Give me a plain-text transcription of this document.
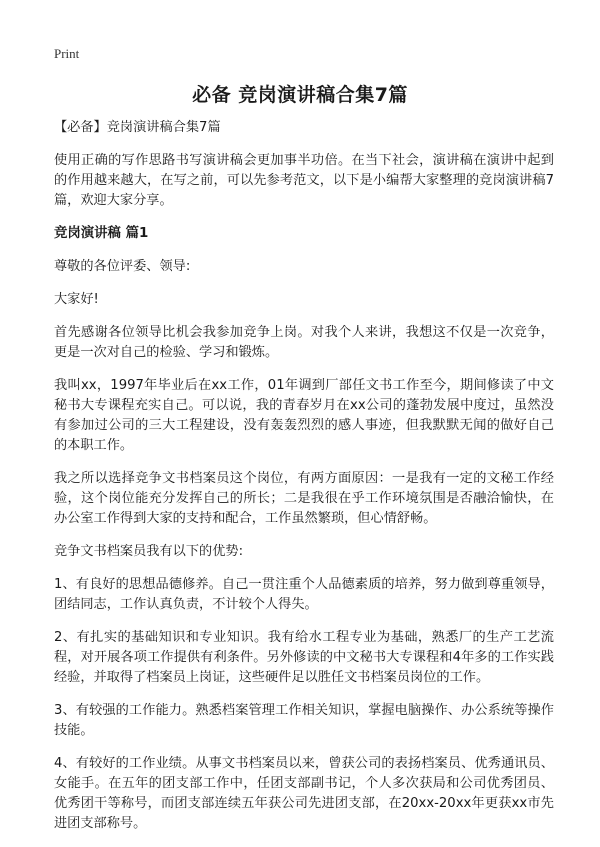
Print
必备 竞岗演讲稿合集7篇

【必备】竞岗演讲稿合集7篇

使用正确的写作思路书写演讲稿会更加事半功倍。在当下社会，演讲稿在演讲中起到的作用越来越大，在写之前，可以先参考范文，以下是小编帮大家整理的竞岗演讲稿7篇，欢迎大家分享。

竞岗演讲稿 篇1

尊敬的各位评委、领导:

大家好!

首先感谢各位领导比机会我参加竞争上岗。对我个人来讲，我想这不仅是一次竞争，更是一次对自己的检验、学习和锻炼。

我叫xx，1997年毕业后在xx工作，01年调到厂部任文书工作至今，期间修读了中文秘书大专课程充实自己。可以说，我的青春岁月在xx公司的蓬勃发展中度过，虽然没有参加过公司的三大工程建设，没有轰轰烈烈的感人事迹，但我默默无闻的做好自己的本职工作。

我之所以选择竞争文书档案员这个岗位，有两方面原因：一是我有一定的文秘工作经验，这个岗位能充分发挥自己的所长；二是我很在乎工作环境氛围是否融洽愉快，在办公室工作得到大家的支持和配合，工作虽然繁琐，但心情舒畅。

竞争文书档案员我有以下的优势:

1、有良好的思想品德修养。自己一贯注重个人品德素质的培养，努力做到尊重领导，团结同志，工作认真负责，不计较个人得失。

2、有扎实的基础知识和专业知识。我有给水工程专业为基础，熟悉厂的生产工艺流程，对开展各项工作提供有利条件。另外修读的中文秘书大专课程和4年多的工作实践经验，并取得了档案员上岗证，这些硬件足以胜任文书档案员岗位的工作。

3、有较强的工作能力。熟悉档案管理工作相关知识，掌握电脑操作、办公系统等操作技能。

4、有较好的工作业绩。从事文书档案员以来，曾获公司的表扬档案员、优秀通讯员、女能手。在五年的团支部工作中，任团支部副书记，个人多次获局和公司优秀团员、优秀团干等称号，而团支部连续五年获公司先进团支部，在20xx-20xx年更获xx市先进团支部称号。
